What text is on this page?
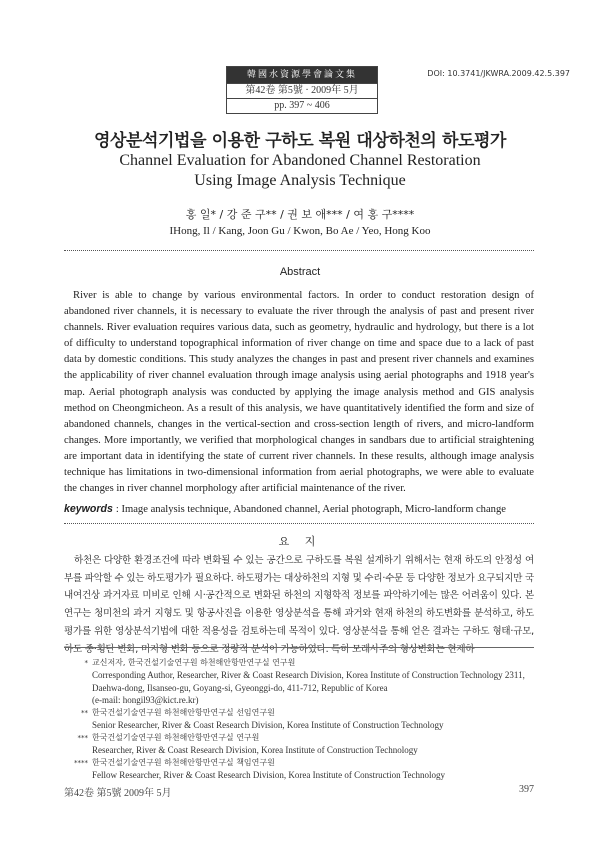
韓國水資源學會論文集
第42卷 第5號 · 2009年 5月
pp. 397 ~ 406
DOI: 10.3741/JKWRA.2009.42.5.397
영상분석기법을 이용한 구하도 복원 대상하천의 하도평가
Channel Evaluation for Abandoned Channel Restoration
Using Image Analysis Technique
홍 일* / 강 준 구** / 권 보 애*** / 여 홍 구****
IHong, Il / Kang, Joon Gu / Kwon, Bo Ae / Yeo, Hong Koo
Abstract
River is able to change by various environmental factors. In order to conduct restoration design of abandoned river channels, it is necessary to evaluate the river through the analysis of past and present river channels. River evaluation requires various data, such as geometry, hydraulic and hydrology, but there is a lot of difficulty to understand topographical information of river change on time and space due to a lack of past data by domestic conditions. This study analyzes the changes in past and present river channels and examines the applicability of river channel evaluation through image analysis using aerial photographs and 1918 year's map. Aerial photograph analysis was conducted by applying the image analysis method and GIS analysis method on Cheongmicheon. As a result of this analysis, we have quantitatively identified the form and size of abandoned channels, changes in the vertical-section and cross-section length of rivers, and micro-landform changes. More importantly, we verified that morphological changes in sandbars due to artificial straightening are important data in identifying the state of current river channels. In these results, although image analysis technique has limitations in two-dimensional information from aerial photographs, we were able to evaluate the changes in river channel morphology after artificial maintenance of the river.
keywords : Image analysis technique, Abandoned channel, Aerial photograph, Micro-landform change
요 지
하천은 다양한 환경조건에 따라 변화될 수 있는 공간으로 구하도를 복원 설계하기 위해서는 현재 하도의 안정성 여부를 파악할 수 있는 하도평가가 필요하다. 하도평가는 대상하천의 지형 및 수리·수문 등 다양한 정보가 요구되지만 국내여건상 과거자료 미비로 인해 시·공간적으로 변화된 하천의 지형학적 정보를 파악하기에는 많은 어려움이 있다. 본 연구는 청미천의 과거 지형도 및 항공사진을 이용한 영상분석을 통해 과거와 현재 하천의 하도변화를 분석하고, 하도평가를 위한 영상분석기법에 대한 적용성을 검토하는데 목적이 있다. 영상분석을 통해 얻은 결과는 구하도 형태·규모, 하도 종·횡단 변화, 미지형 변화 등으로 정량적 분석이 가능하였다. 특히 모래사주의 형상변화는 현재하
* 교신저자, 한국건설기술연구원 하천해안항만연구실 연구원
Corresponding Author, Researcher, River & Coast Research Division, Korea Institute of Construction Technology 2311,
Daehwa-dong, Ilsanseo-gu, Goyang-si, Gyeonggi-do, 411-712, Republic of Korea
(e-mail: hongil93@kict.re.kr)
** 한국건설기술연구원 하천해안항만연구실 선임연구원
Senior Researcher, River & Coast Research Division, Korea Institute of Construction Technology
*** 한국건설기술연구원 하천해안항만연구실 연구원
Researcher, River & Coast Research Division, Korea Institute of Construction Technology
**** 한국건설기술연구원 하천해안항만연구실 책임연구원
Fellow Researcher, River & Coast Research Division, Korea Institute of Construction Technology
第42卷 第5號 2009年 5月	397
